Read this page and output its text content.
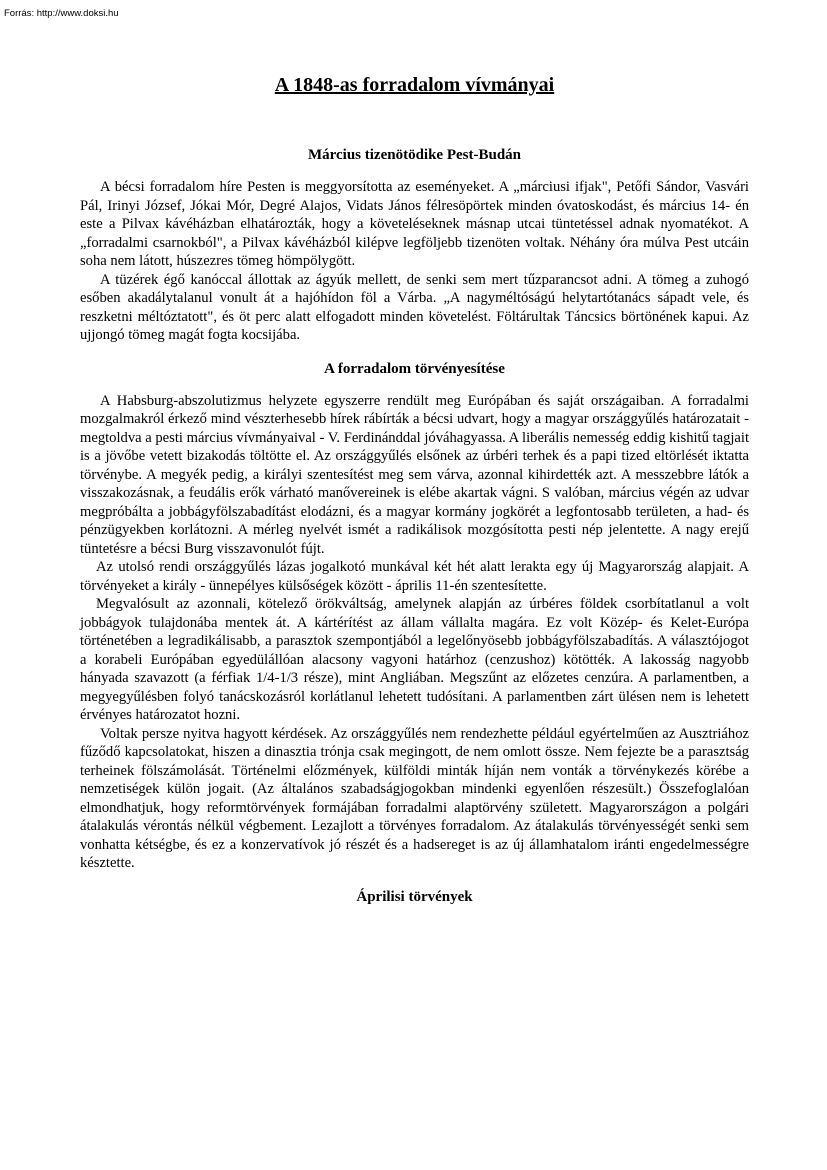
Forrás: http://www.doksi.hu
A 1848-as forradalom vívmányai
Március tizenötödike Pest-Budán

A bécsi forradalom híre Pesten is meggyorsította az eseményeket. A „márciusi ifjak", Petőfi Sándor, Vasvári Pál, Irinyi József, Jókai Mór, Degré Alajos, Vidats János félresöpörtek minden óvatoskodást, és március 14- én este a Pilvax kávéházban elhatározták, hogy a követeléseknek másnap utcai tüntetéssel adnak nyomatékot. A „forradalmi csarnokból", a Pilvax kávéházból kilépve legföljebb tizenöten voltak. Néhány óra múlva Pest utcáin soha nem látott, húszezres tömeg hömpölygött.

A tüzérek égő kanóccal állottak az ágyúk mellett, de senki sem mert tűzparancsot adni. A tömeg a zuhogó esőben akadálytalanul vonult át a hajóhídon föl a Várba. „A nagyméltóságú helytartótanács sápadt vele, és reszketni méltóztatott", és öt perc alatt elfogadott minden követelést. Föltárultak Táncsics börtönének kapui. Az ujjongó tömeg magát fogta kocsijába.

A forradalom törvényesítése

A Habsburg-abszolutizmus helyzete egyszerre rendült meg Európában és saját országaiban. A forradalmi mozgalmakról érkező mind vészterhesebb hírek rábírták a bécsi udvart, hogy a magyar országgyűlés határozatait - megtoldva a pesti március vívmányaival - V. Ferdinánddal jóváhagyassa. A liberális nemesség eddig kishitű tagjait is a jövőbe vetett bizakodás töltötte el. Az országgyűlés elsőnek az úrbéri terhek és a papi tized eltörlését iktatta törvénybe. A megyék pedig, a királyi szentesítést meg sem várva, azonnal kihirdették azt. A messzebbre látók a visszakozásnak, a feudális erők várható manővereinek is elébe akartak vágni. S valóban, március végén az udvar megpróbálta a jobbágyfölszabadítást elodázni, és a magyar kormány jogkörét a legfontosabb területen, a had- és pénzügyekben korlátozni. A mérleg nyelvét ismét a radikálisok mozgósította pesti nép jelentette. A nagy erejű tüntetésre a bécsi Burg visszavonulót fújt.

Az utolsó rendi országgyűlés lázas jogalkotó munkával két hét alatt lerakta egy új Magyarország alapjait. A törvényeket a király - ünnepélyes külsőségek között - április 11-én szentesítette.

Megvalósult az azonnali, kötelező örökváltság, amelynek alapján az úrbéres földek csorbítatlanul a volt jobbágyok tulajdonába mentek át. A kártérítést az állam vállalta magára. Ez volt Közép- és Kelet-Európa történetében a legradikálisabb, a parasztok szempontjából a legelőnyösebb jobbágyfölszabadítás. A választójogot a korabeli Európában egyedülállóan alacsony vagyoni határhoz (cenzushoz) kötötték. A lakosság nagyobb hányada szavazott (a férfiak 1/4-1/3 része), mint Angliában. Megszűnt az előzetes cenzúra. A parlamentben, a megyegyűlésben folyó tanácskozásról korlátlanul lehetett tudósítani. A parlamentben zárt ülésen nem is lehetett érvényes határozatot hozni.

Voltak persze nyitva hagyott kérdések. Az országgyűlés nem rendezhette például egyértelműen az Ausztriához fűződő kapcsolatokat, hiszen a dinasztia trónja csak megingott, de nem omlott össze. Nem fejezte be a parasztság terheinek fölszámolását. Történelmi előzmények, külföldi minták híján nem vonták a törvénykezés körébe a nemzetiségek külön jogait. (Az általános szabadságjogokban mindenki egyenlően részesült.) Összefoglalóan elmondhatjuk, hogy reformtörvények formájában forradalmi alaptörvény született. Magyarországon a polgári átalakulás vérontás nélkül végbement. Lezajlott a törvényes forradalom. Az átalakulás törvényességét senki sem vonhatta kétségbe, és ez a konzervatívok jó részét és a hadsereget is az új államhatalom iránti engedelmességre késztette.

Áprilisi törvények
